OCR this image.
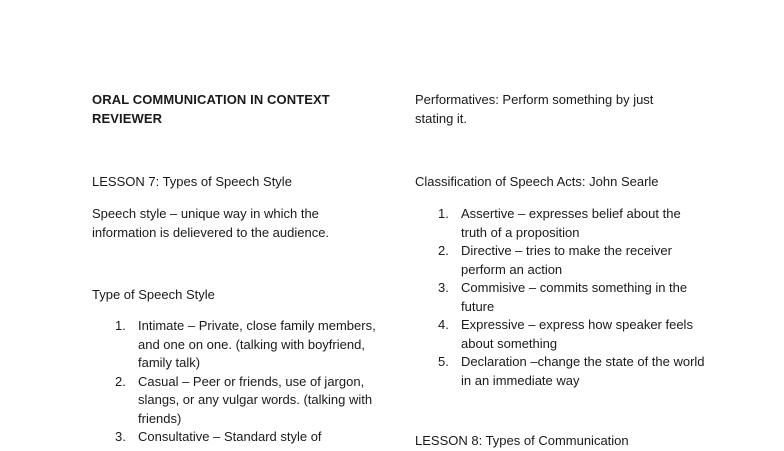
ORAL COMMUNICATION IN CONTEXT
REVIEWER
LESSON 7: Types of Speech Style
Speech style – unique way in which the information is delievered to the audience.
Type of Speech Style
1. Intimate – Private, close family members, and one on one. (talking with boyfriend, family talk)
2. Casual – Peer or friends, use of jargon, slangs, or any vulgar words. (talking with friends)
3. Consultative – Standard style of
Performatives: Perform something by just stating it.
Classification of Speech Acts: John Searle
1. Assertive – expresses belief about the truth of a proposition
2. Directive – tries to make the receiver perform an action
3. Commisive – commits something in the future
4. Expressive – express how speaker feels about something
5. Declaration –change the state of the world in an immediate way
LESSON 8: Types of Communication
